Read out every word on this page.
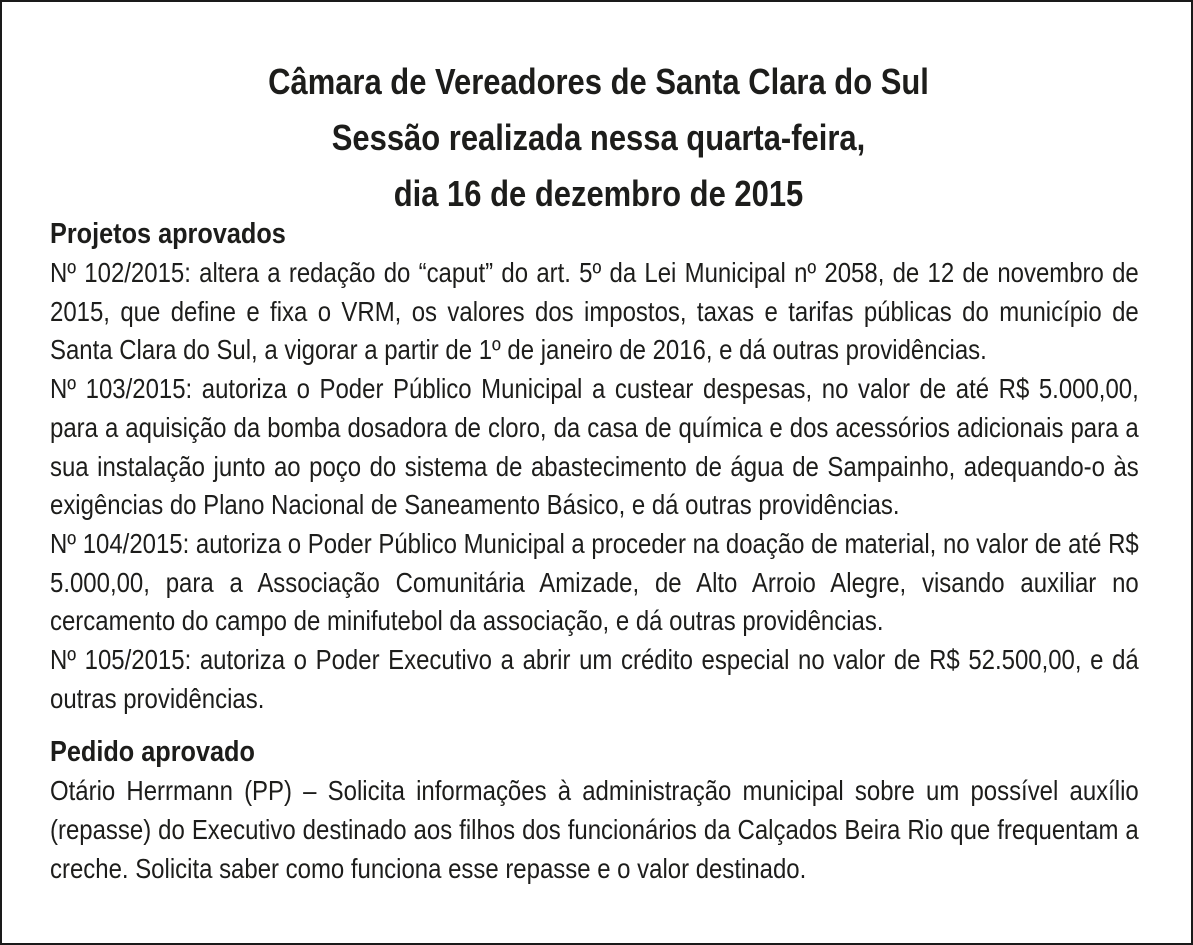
Câmara de Vereadores de Santa Clara do Sul
Sessão realizada nessa quarta-feira,
dia 16 de dezembro de 2015
Projetos aprovados

Nº 102/2015: altera a redação do “caput” do art. 5º da Lei Municipal nº 2058, de 12 de novembro de 2015, que define e fixa o VRM, os valores dos impostos, taxas e tarifas públicas do município de Santa Clara do Sul, a vigorar a partir de 1º de janeiro de 2016, e dá outras providências.

Nº 103/2015: autoriza o Poder Público Municipal a custear despesas, no valor de até R$ 5.000,00, para a aquisição da bomba dosadora de cloro, da casa de química e dos acessórios adicionais para a sua instalação junto ao poço do sistema de abastecimento de água de Sampainho, adequando-o às exigências do Plano Nacional de Saneamento Básico, e dá outras providências.

Nº 104/2015: autoriza o Poder Público Municipal a proceder na doação de material, no valor de até R$ 5.000,00, para a Associação Comunitária Amizade, de Alto Arroio Alegre, visando auxiliar no cercamento do campo de minifutebol da associação, e dá outras providências.

Nº 105/2015: autoriza o Poder Executivo a abrir um crédito especial no valor de R$ 52.500,00, e dá outras providências.

Pedido aprovado

Otário Herrmann (PP) – Solicita informações à administração municipal sobre um possível auxílio (repasse) do Executivo destinado aos filhos dos funcionários da Calçados Beira Rio que frequentam a creche. Solicita saber como funciona esse repasse e o valor destinado.
